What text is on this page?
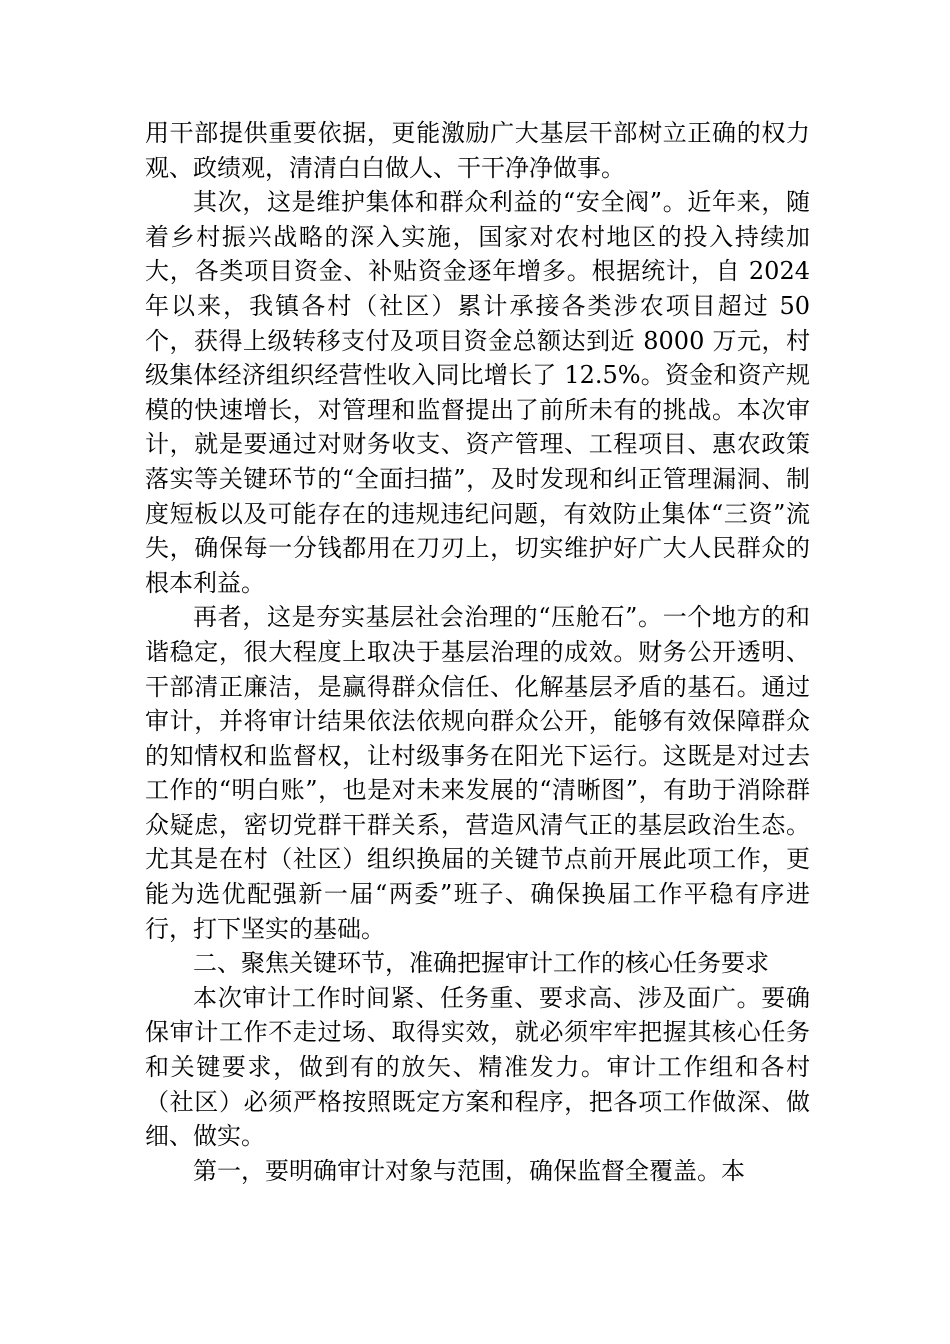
用干部提供重要依据，更能激励广大基层干部树立正确的权力观、政绩观，清清白白做人、干干净净做事。

其次，这是维护集体和群众利益的“安全阀”。近年来，随着乡村振兴战略的深入实施，国家对农村地区的投入持续加大，各类项目资金、补贴资金逐年增多。根据统计，自 2024 年以来，我镇各村（社区）累计承接各类涉农项目超过 50 个，获得上级转移支付及项目资金总额达到近 8000 万元，村级集体经济组织经营性收入同比增长了 12.5%。资金和资产规模的快速增长，对管理和监督提出了前所未有的挑战。本次审计，就是要通过对财务收支、资产管理、工程项目、惠农政策落实等关键环节的“全面扫描”，及时发现和纠正管理漏洞、制度短板以及可能存在的违规违纪问题，有效防止集体“三资”流失，确保每一分钱都用在刀刃上，切实维护好广大人民群众的根本利益。

再者，这是夯实基层社会治理的“压舱石”。一个地方的和谐稳定，很大程度上取决于基层治理的成效。财务公开透明、干部清正廉洁，是赢得群众信任、化解基层矛盾的基石。通过审计，并将审计结果依法依规向群众公开，能够有效保障群众的知情权和监督权，让村级事务在阳光下运行。这既是对过去工作的“明白账”，也是对未来发展的“清晰图”，有助于消除群众疑虑，密切党群干群关系，营造风清气正的基层政治生态。尤其是在村（社区）组织换届的关键节点前开展此项工作，更能为选优配强新一届“两委”班子、确保换届工作平稳有序进行，打下坚实的基础。

二、聚焦关键环节，准确把握审计工作的核心任务要求

本次审计工作时间紧、任务重、要求高、涉及面广。要确保审计工作不走过场、取得实效，就必须牢牢把握其核心任务和关键要求，做到有的放矢、精准发力。审计工作组和各村（社区）必须严格按照既定方案和程序，把各项工作做深、做细、做实。

第一，要明确审计对象与范围，确保监督全覆盖。本
